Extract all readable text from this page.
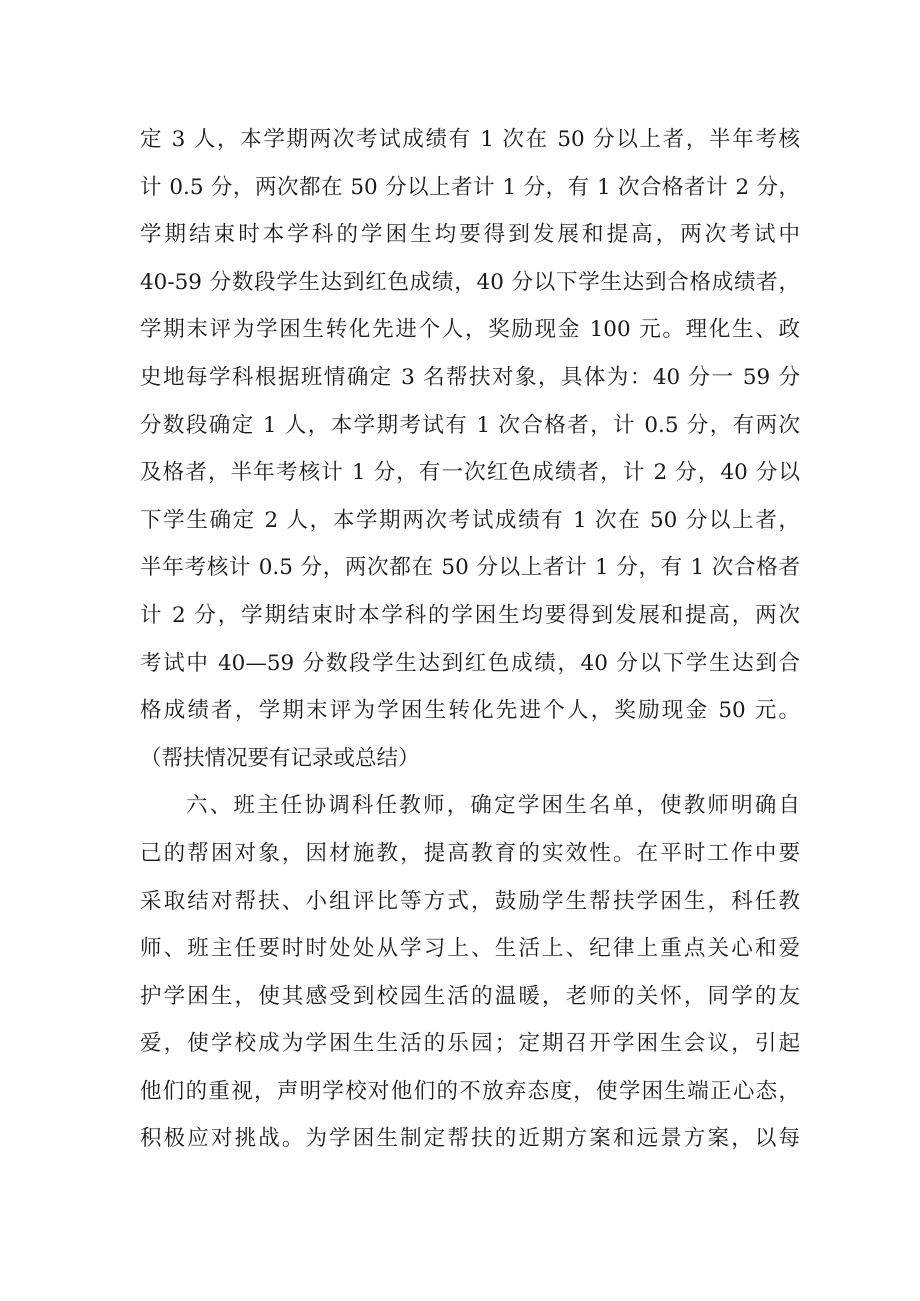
定 3 人，本学期两次考试成绩有 1 次在 50 分以上者，半年考核
计 0.5 分，两次都在 50 分以上者计 1 分，有 1 次合格者计 2 分，
学期结束时本学科的学困生均要得到发展和提高，两次考试中
40-59 分数段学生达到红色成绩，40 分以下学生达到合格成绩者，
学期末评为学困生转化先进个人，奖励现金 100 元。理化生、政
史地每学科根据班情确定 3 名帮扶对象，具体为：40 分一 59 分
分数段确定 1 人，本学期考试有 1 次合格者，计 0.5 分，有两次
及格者，半年考核计 1 分，有一次红色成绩者，计 2 分，40 分以
下学生确定 2 人，本学期两次考试成绩有 1 次在 50 分以上者，
半年考核计 0.5 分，两次都在 50 分以上者计 1 分，有 1 次合格者
计 2 分，学期结束时本学科的学困生均要得到发展和提高，两次
考试中 40—59 分数段学生达到红色成绩，40 分以下学生达到合
格成绩者，学期末评为学困生转化先进个人，奖励现金 50 元。
（帮扶情况要有记录或总结）
六、班主任协调科任教师，确定学困生名单，使教师明确自
己的帮困对象，因材施教，提高教育的实效性。在平时工作中要
采取结对帮扶、小组评比等方式，鼓励学生帮扶学困生，科任教
师、班主任要时时处处从学习上、生活上、纪律上重点关心和爱
护学困生，使其感受到校园生活的温暖，老师的关怀，同学的友
爱，使学校成为学困生生活的乐园；定期召开学困生会议，引起
他们的重视，声明学校对他们的不放弃态度，使学困生端正心态，
积极应对挑战。为学困生制定帮扶的近期方案和远景方案，以每
